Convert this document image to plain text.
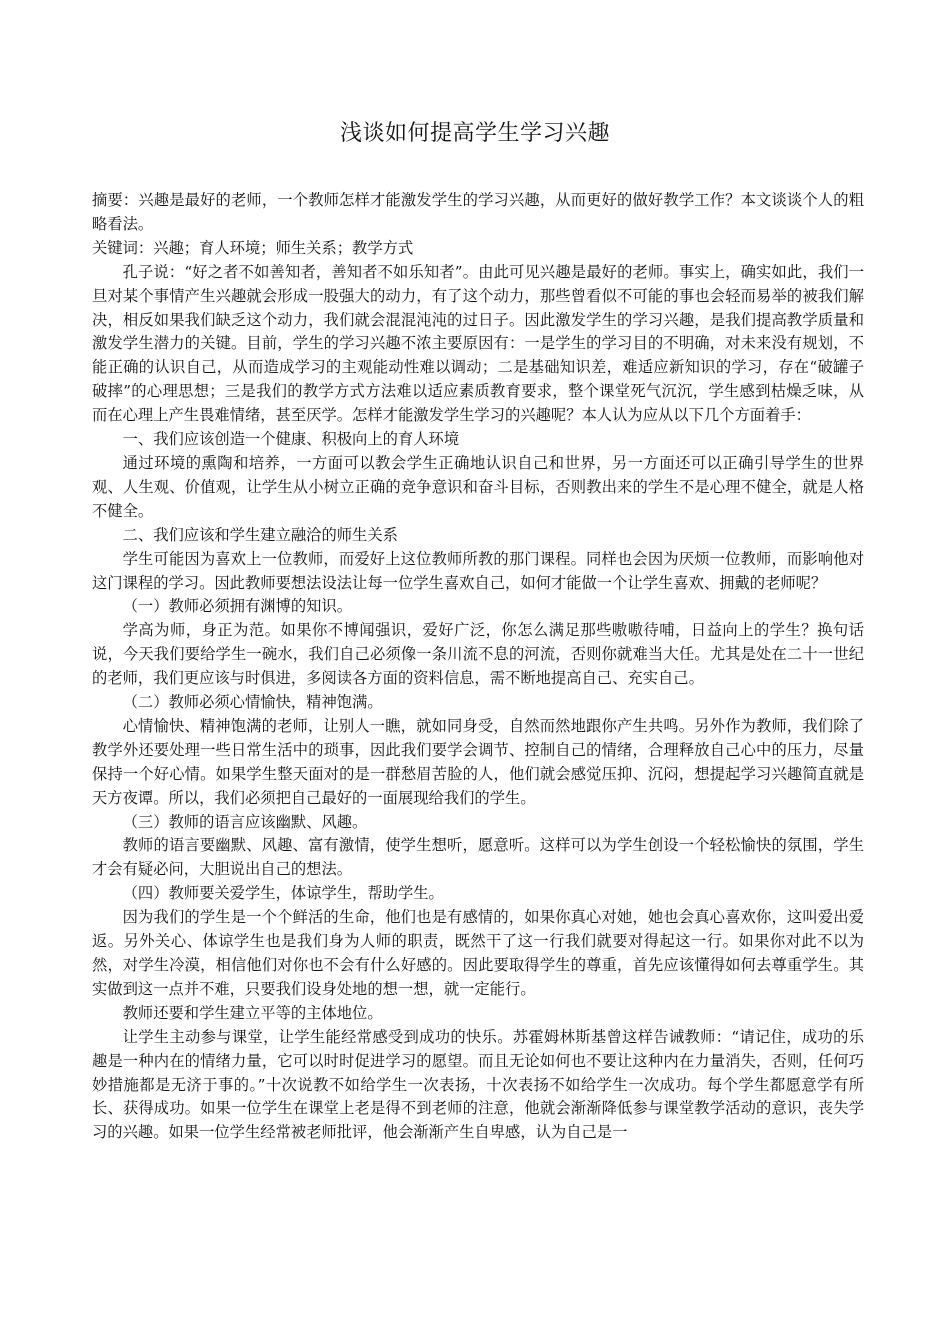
浅谈如何提高学生学习兴趣

摘要：兴趣是最好的老师，一个教师怎样才能激发学生的学习兴趣，从而更好的做好教学工作？本文谈谈个人的粗略看法。

关键词：兴趣；育人环境；师生关系；教学方式

孔子说：“好之者不如善知者，善知者不如乐知者”。由此可见兴趣是最好的老师。事实上，确实如此，我们一旦对某个事情产生兴趣就会形成一股强大的动力，有了这个动力，那些曾看似不可能的事也会轻而易举的被我们解决，相反如果我们缺乏这个动力，我们就会混混沌沌的过日子。因此激发学生的学习兴趣，是我们提高教学质量和激发学生潜力的关键。目前，学生的学习兴趣不浓主要原因有：一是学生的学习目的不明确，对未来没有规划，不能正确的认识自己，从而造成学习的主观能动性难以调动；二是基础知识差，难适应新知识的学习，存在“破罐子破摔”的心理思想；三是我们的教学方式方法难以适应素质教育要求，整个课堂死气沉沉，学生感到枯燥乏味，从而在心理上产生畏难情绪，甚至厌学。怎样才能激发学生学习的兴趣呢？本人认为应从以下几个方面着手：

一、我们应该创造一个健康、积极向上的育人环境

通过环境的熏陶和培养，一方面可以教会学生正确地认识自己和世界，另一方面还可以正确引导学生的世界观、人生观、价值观，让学生从小树立正确的竞争意识和奋斗目标，否则教出来的学生不是心理不健全，就是人格不健全。

二、我们应该和学生建立融洽的师生关系

学生可能因为喜欢上一位教师，而爱好上这位教师所教的那门课程。同样也会因为厌烦一位教师，而影响他对这门课程的学习。因此教师要想法设法让每一位学生喜欢自己，如何才能做一个让学生喜欢、拥戴的老师呢？

（一）教师必须拥有渊博的知识。

学高为师，身正为范。如果你不博闻强识，爱好广泛，你怎么满足那些嗷嗷待哺，日益向上的学生？换句话说，今天我们要给学生一碗水，我们自己必须像一条川流不息的河流，否则你就难当大任。尤其是处在二十一世纪的老师，我们更应该与时俱进，多阅读各方面的资料信息，需不断地提高自己、充实自己。

（二）教师必须心情愉快，精神饱满。

心情愉快、精神饱满的老师，让别人一瞧，就如同身受，自然而然地跟你产生共鸣。另外作为教师，我们除了教学外还要处理一些日常生活中的琐事，因此我们要学会调节、控制自己的情绪，合理释放自己心中的压力，尽量保持一个好心情。如果学生整天面对的是一群愁眉苦脸的人，他们就会感觉压抑、沉闷，想提起学习兴趣简直就是天方夜谭。所以，我们必须把自己最好的一面展现给我们的学生。

（三）教师的语言应该幽默、风趣。

教师的语言要幽默、风趣、富有激情，使学生想听，愿意听。这样可以为学生创设一个轻松愉快的氛围，学生才会有疑必问，大胆说出自己的想法。

（四）教师要关爱学生，体谅学生，帮助学生。

因为我们的学生是一个个鲜活的生命，他们也是有感情的，如果你真心对她，她也会真心喜欢你，这叫爱出爱返。另外关心、体谅学生也是我们身为人师的职责，既然干了这一行我们就要对得起这一行。如果你对此不以为然，对学生冷漠，相信他们对你也不会有什么好感的。因此要取得学生的尊重，首先应该懂得如何去尊重学生。其实做到这一点并不难，只要我们设身处地的想一想，就一定能行。

教师还要和学生建立平等的主体地位。

让学生主动参与课堂，让学生能经常感受到成功的快乐。苏霍姆林斯基曾这样告诫教师：“请记住，成功的乐趣是一种内在的情绪力量，它可以时时促进学习的愿望。而且无论如何也不要让这种内在力量消失，否则，任何巧妙措施都是无济于事的。”十次说教不如给学生一次表扬，十次表扬不如给学生一次成功。每个学生都愿意学有所长、获得成功。如果一位学生在课堂上老是得不到老师的注意，他就会渐渐降低参与课堂教学活动的意识，丧失学习的兴趣。如果一位学生经常被老师批评，他会渐渐产生自卑感，认为自己是一
